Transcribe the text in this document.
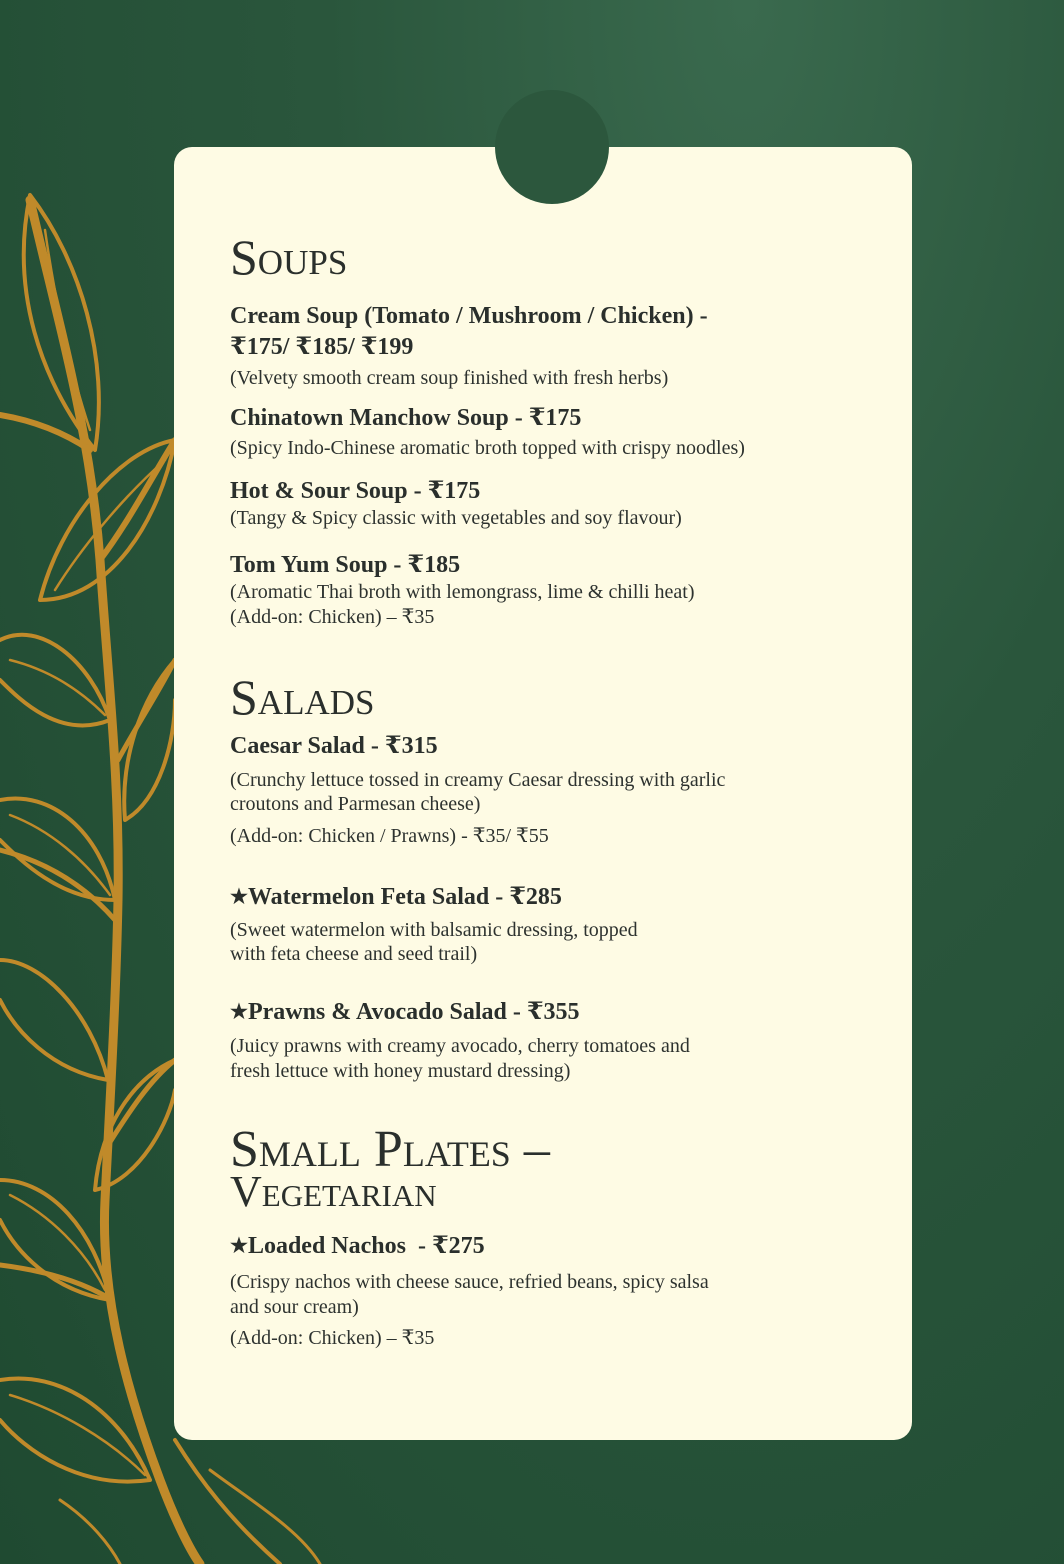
Soups
Cream Soup (Tomato / Mushroom / Chicken) -
₹175/ ₹185/ ₹199
(Velvety smooth cream soup finished with fresh herbs)
Chinatown Manchow Soup - ₹175
(Spicy Indo-Chinese aromatic broth topped with crispy noodles)
Hot & Sour Soup - ₹175
(Tangy & Spicy classic with vegetables and soy flavour)
Tom Yum Soup - ₹185
(Aromatic Thai broth with lemongrass, lime & chilli heat)
(Add-on: Chicken) – ₹35
Salads
Caesar Salad - ₹315
(Crunchy lettuce tossed in creamy Caesar dressing with garlic
croutons and Parmesan cheese)
(Add-on: Chicken / Prawns) - ₹35/ ₹55
★Watermelon Feta Salad - ₹285
(Sweet watermelon with balsamic dressing, topped
with feta cheese and seed trail)
★Prawns & Avocado Salad - ₹355
(Juicy prawns with creamy avocado, cherry tomatoes and
fresh lettuce with honey mustard dressing)
Small Plates –
Vegetarian
★Loaded Nachos  - ₹275
(Crispy nachos with cheese sauce, refried beans, spicy salsa
and sour cream)
(Add-on: Chicken) – ₹35
